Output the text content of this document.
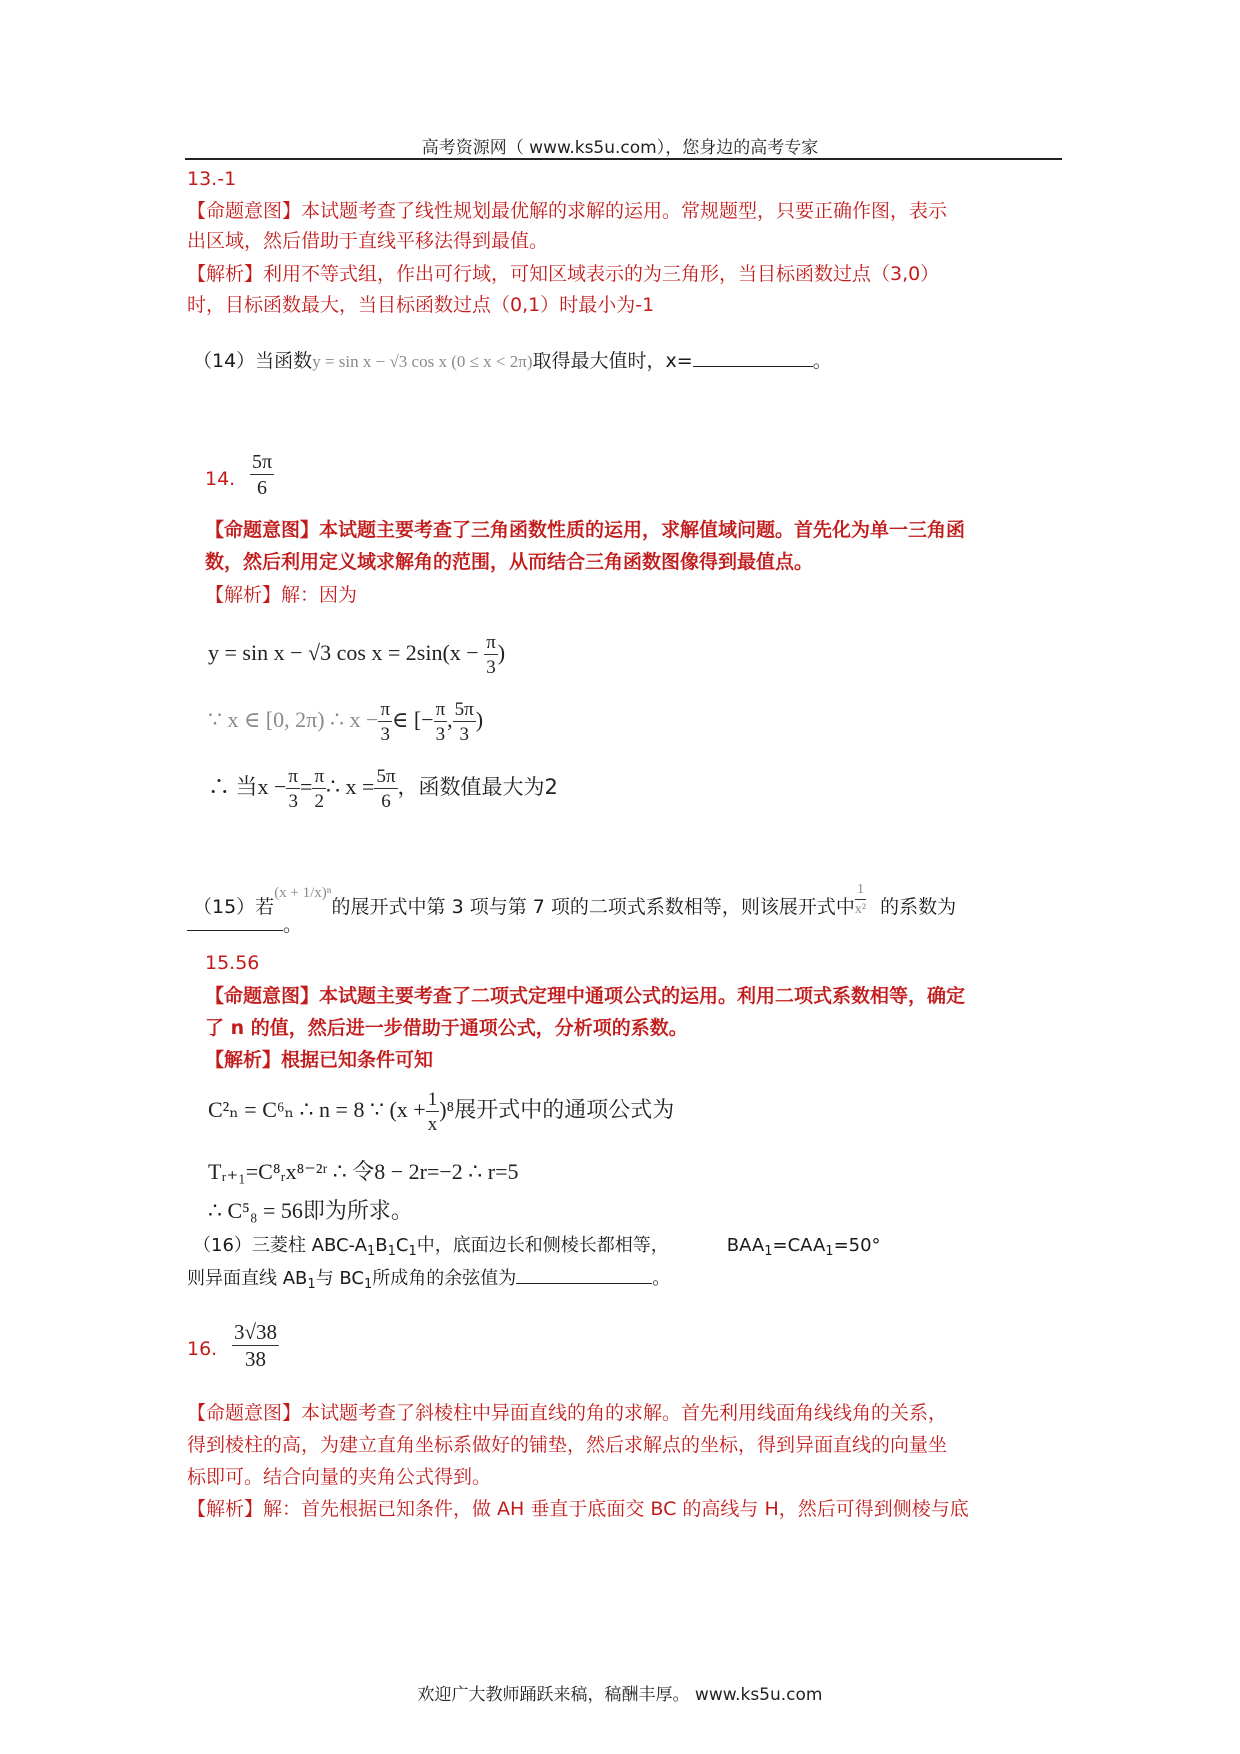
高考资源网（ www.ks5u.com），您身边的高考专家
13.-1
【命题意图】本试题考查了线性规划最优解的求解的运用。常规题型，只要正确作图，表示
出区域，然后借助于直线平移法得到最值。
【解析】利用不等式组，作出可行域，可知区域表示的为三角形，当目标函数过点（3,0）
时，目标函数最大，当目标函数过点（0,1）时最小为-1
（14）当函数y = sin x − √3 cos x (0 ≤ x < 2π)取得最大值时，x=	。
14. $\frac{5\pi}{6}$
【命题意图】本试题主要考查了三角函数性质的运用，求解值域问题。首先化为单一三角函
数，然后利用定义域求解角的范围，从而结合三角函数图像得到最值点。
【解析】解：因为
y = sin x − √3 $\cos x = 2\sin(x - \frac{\pi}{3}$ )
∵ x ∈ [0, 2π) ∴ $x - \frac{\pi}{3}$ ∈ [− $\frac{\pi}{3}$ , $\frac{5\pi}{3}$ )
∴ 当$x - \frac{\pi}{3} = \frac{\pi}{2}$ ∴ $x = \frac{5\pi}{6}$ ，函数值最大为2
（15）若$^{(x + 1/x)^n}$的展开式中第 3 项与第 7 项的二项式系数相等，则该展开式中 $\frac{1}{\text{x²}}$ 的系数为
。
15.56
【命题意图】本试题主要考查了二项式定理中通项公式的运用。利用二项式系数相等，确定
了 n 的值，然后进一步借助于通项公式，分析项的系数。
【解析】根据已知条件可知
C²ₙ = C⁶ₙ ∴ n = 8 ∵ $(x + \frac{1}{x} )^8$展开式中的通项公式为
Tᵣ₊₁=C⁸ᵣx⁸⁻²ʳ ∴ 令8 − 2r=−2 ∴ r=5
∴ C⁵₈ = 56即为所求。
（16）三菱柱 ABC-$A_1B_1C_1$中，底面边长和侧棱长都相等，	$BAA_1=CAA_1=50^\circ$
则异面直线 $AB_1$与 $BC_1$所成角的余弦值为	。
16. $\frac{3√38}{38}$
【命题意图】本试题考查了斜棱柱中异面直线的角的求解。首先利用线面角线线角的关系，
得到棱柱的高，为建立直角坐标系做好的铺垫，然后求解点的坐标，得到异面直线的向量坐
标即可。结合向量的夹角公式得到。
【解析】解：首先根据已知条件，做 AH 垂直于底面交 BC 的高线与 H，然后可得到侧棱与底
欢迎广大教师踊跃来稿，稿酬丰厚。 www.ks5u.com
